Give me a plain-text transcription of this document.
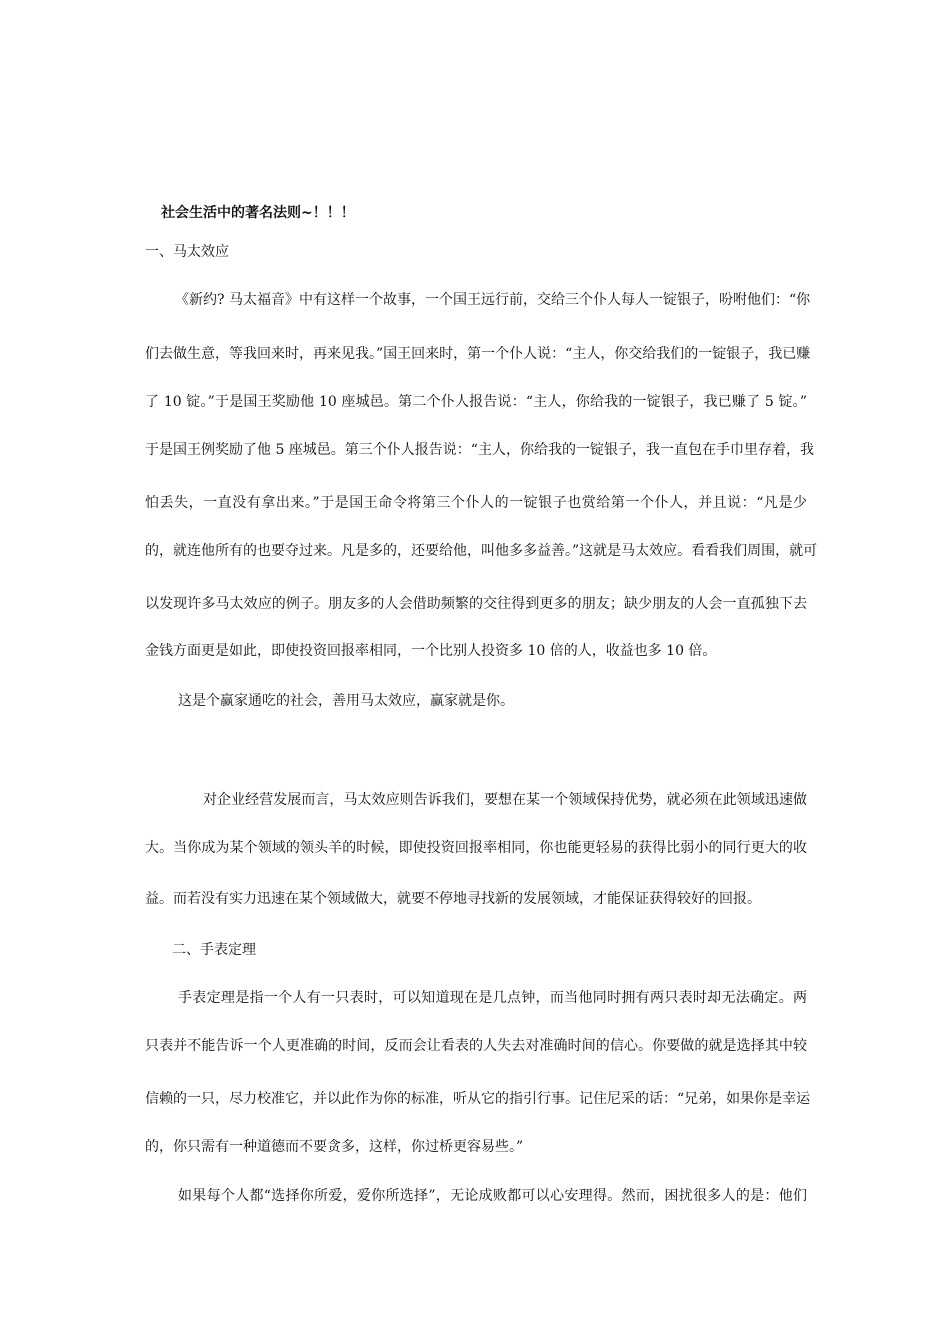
社会生活中的著名法则~！！！
一、马太效应
《新约? 马太福音》中有这样一个故事，一个国王远行前，交给三个仆人每人一锭银子，吩咐他们：“你
们去做生意，等我回来时，再来见我。”国王回来时，第一个仆人说：“主人，你交给我们的一锭银子，我已赚
了 10 锭。”于是国王奖励他 10 座城邑。第二个仆人报告说：“主人，你给我的一锭银子，我已赚了 5 锭。”
于是国王例奖励了他 5 座城邑。第三个仆人报告说：“主人，你给我的一锭银子，我一直包在手巾里存着，我
怕丢失，一直没有拿出来。”于是国王命令将第三个仆人的一锭银子也赏给第一个仆人，并且说：“凡是少
的，就连他所有的也要夺过来。凡是多的，还要给他，叫他多多益善。”这就是马太效应。看看我们周围，就可
以发现许多马太效应的例子。朋友多的人会借助频繁的交往得到更多的朋友；缺少朋友的人会一直孤独下去
金钱方面更是如此，即使投资回报率相同，一个比别人投资多 10 倍的人，收益也多 10 倍。
这是个赢家通吃的社会，善用马太效应，赢家就是你。
对企业经营发展而言，马太效应则告诉我们，要想在某一个领域保持优势，就必须在此领域迅速做
大。当你成为某个领域的领头羊的时候，即使投资回报率相同，你也能更轻易的获得比弱小的同行更大的收
益。而若没有实力迅速在某个领域做大，就要不停地寻找新的发展领域，才能保证获得较好的回报。
二、手表定理
手表定理是指一个人有一只表时，可以知道现在是几点钟，而当他同时拥有两只表时却无法确定。两
只表并不能告诉一个人更准确的时间，反而会让看表的人失去对准确时间的信心。你要做的就是选择其中较
信赖的一只，尽力校准它，并以此作为你的标准，听从它的指引行事。记住尼采的话：“兄弟，如果你是幸运
的，你只需有一种道德而不要贪多，这样，你过桥更容易些。”
如果每个人都“选择你所爱，爱你所选择”，无论成败都可以心安理得。然而，困扰很多人的是：他们
